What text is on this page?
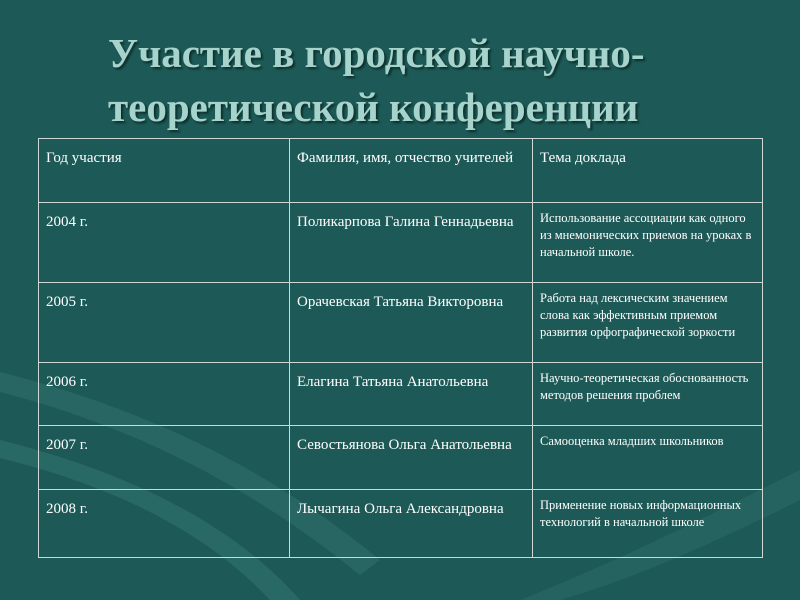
Участие в городской научно-
теоретической конференции
Год участия	Фамилия, имя, отчество учителей	Тема доклада
2004 г.	Поликарпова Галина Геннадьевна	Использование ассоциации как одного из мнемонических приемов на уроках в начальной школе.
2005 г.	Орачевская Татьяна Викторовна	Работа над лексическим значением слова как эффективным приемом развития орфографической зоркости
2006 г.	Елагина Татьяна Анатольевна	Научно-теоретическая обоснованность методов решения проблем
2007 г.	Севостьянова Ольга Анатольевна	Самооценка младших школьников
2008 г.	Лычагина Ольга Александровна	Применение новых информационных технологий в начальной школе
